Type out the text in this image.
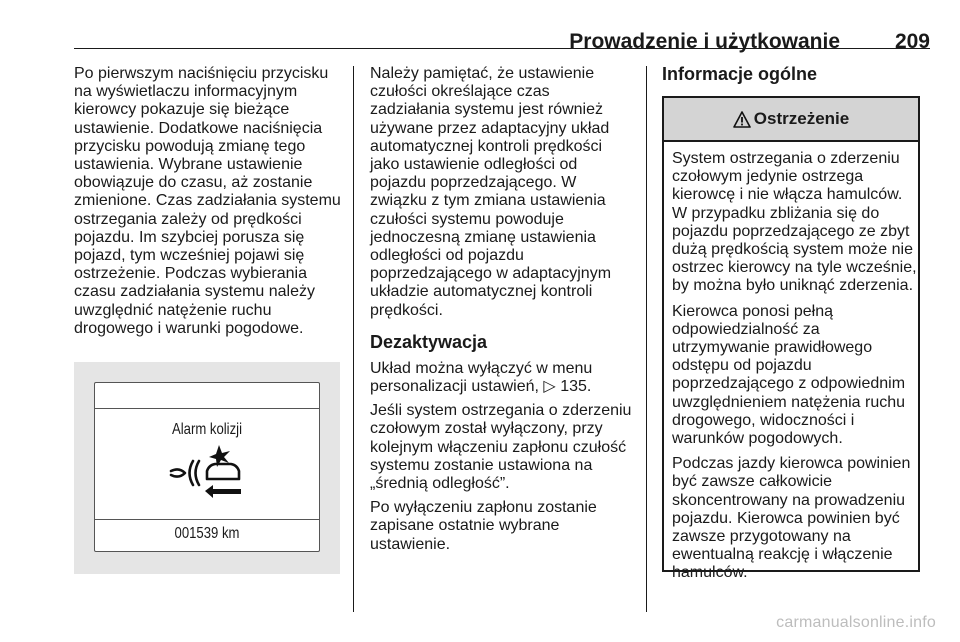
Prowadzenie i użytkowanie	209

Po pierwszym naciśnięciu przycisku na wyświetlaczu informacyjnym kierowcy pokazuje się bieżące ustawienie. Dodatkowe naciśnięcia przycisku powodują zmianę tego ustawienia. Wybrane ustawienie obowiązuje do czasu, aż zostanie zmienione. Czas zadziałania systemu ostrzegania zależy od prędkości pojazdu. Im szybciej porusza się pojazd, tym wcześniej pojawi się ostrzeżenie. Podczas wybierania czasu zadziałania systemu należy uwzględnić natężenie ruchu drogowego i warunki pogodowe.

Alarm kolizji
001539 km

Należy pamiętać, że ustawienie czułości określające czas zadziałania systemu jest również używane przez adaptacyjny układ automatycznej kontroli prędkości jako ustawienie odległości od pojazdu poprzedzającego. W związku z tym zmiana ustawienia czułości systemu powoduje jednoczesną zmianę ustawienia odległości od pojazdu poprzedzającego w adaptacyjnym układzie automatycznej kontroli prędkości.

Dezaktywacja

Układ można wyłączyć w menu personalizacji ustawień, ▷ 135.

Jeśli system ostrzegania o zderzeniu czołowym został wyłączony, przy kolejnym włączeniu zapłonu czułość systemu zostanie ustawiona na „średnią odległość”.

Po wyłączeniu zapłonu zostanie zapisane ostatnie wybrane ustawienie.

Informacje ogólne
Ostrzeżenie

System ostrzegania o zderzeniu czołowym jedynie ostrzega kierowcę i nie włącza hamulców. W przypadku zbliżania się do pojazdu poprzedzającego ze zbyt dużą prędkością system może nie ostrzec kierowcy na tyle wcześnie, by można było uniknąć zderzenia.

Kierowca ponosi pełną odpowiedzialność za utrzymywanie prawidłowego odstępu od pojazdu poprzedzającego z odpowiednim uwzględnieniem natężenia ruchu drogowego, widoczności i warunków pogodowych.

Podczas jazdy kierowca powinien być zawsze całkowicie skoncentrowany na prowadzeniu pojazdu. Kierowca powinien być zawsze przygotowany na ewentualną reakcję i włączenie hamulców.

carmanualsonline.info
